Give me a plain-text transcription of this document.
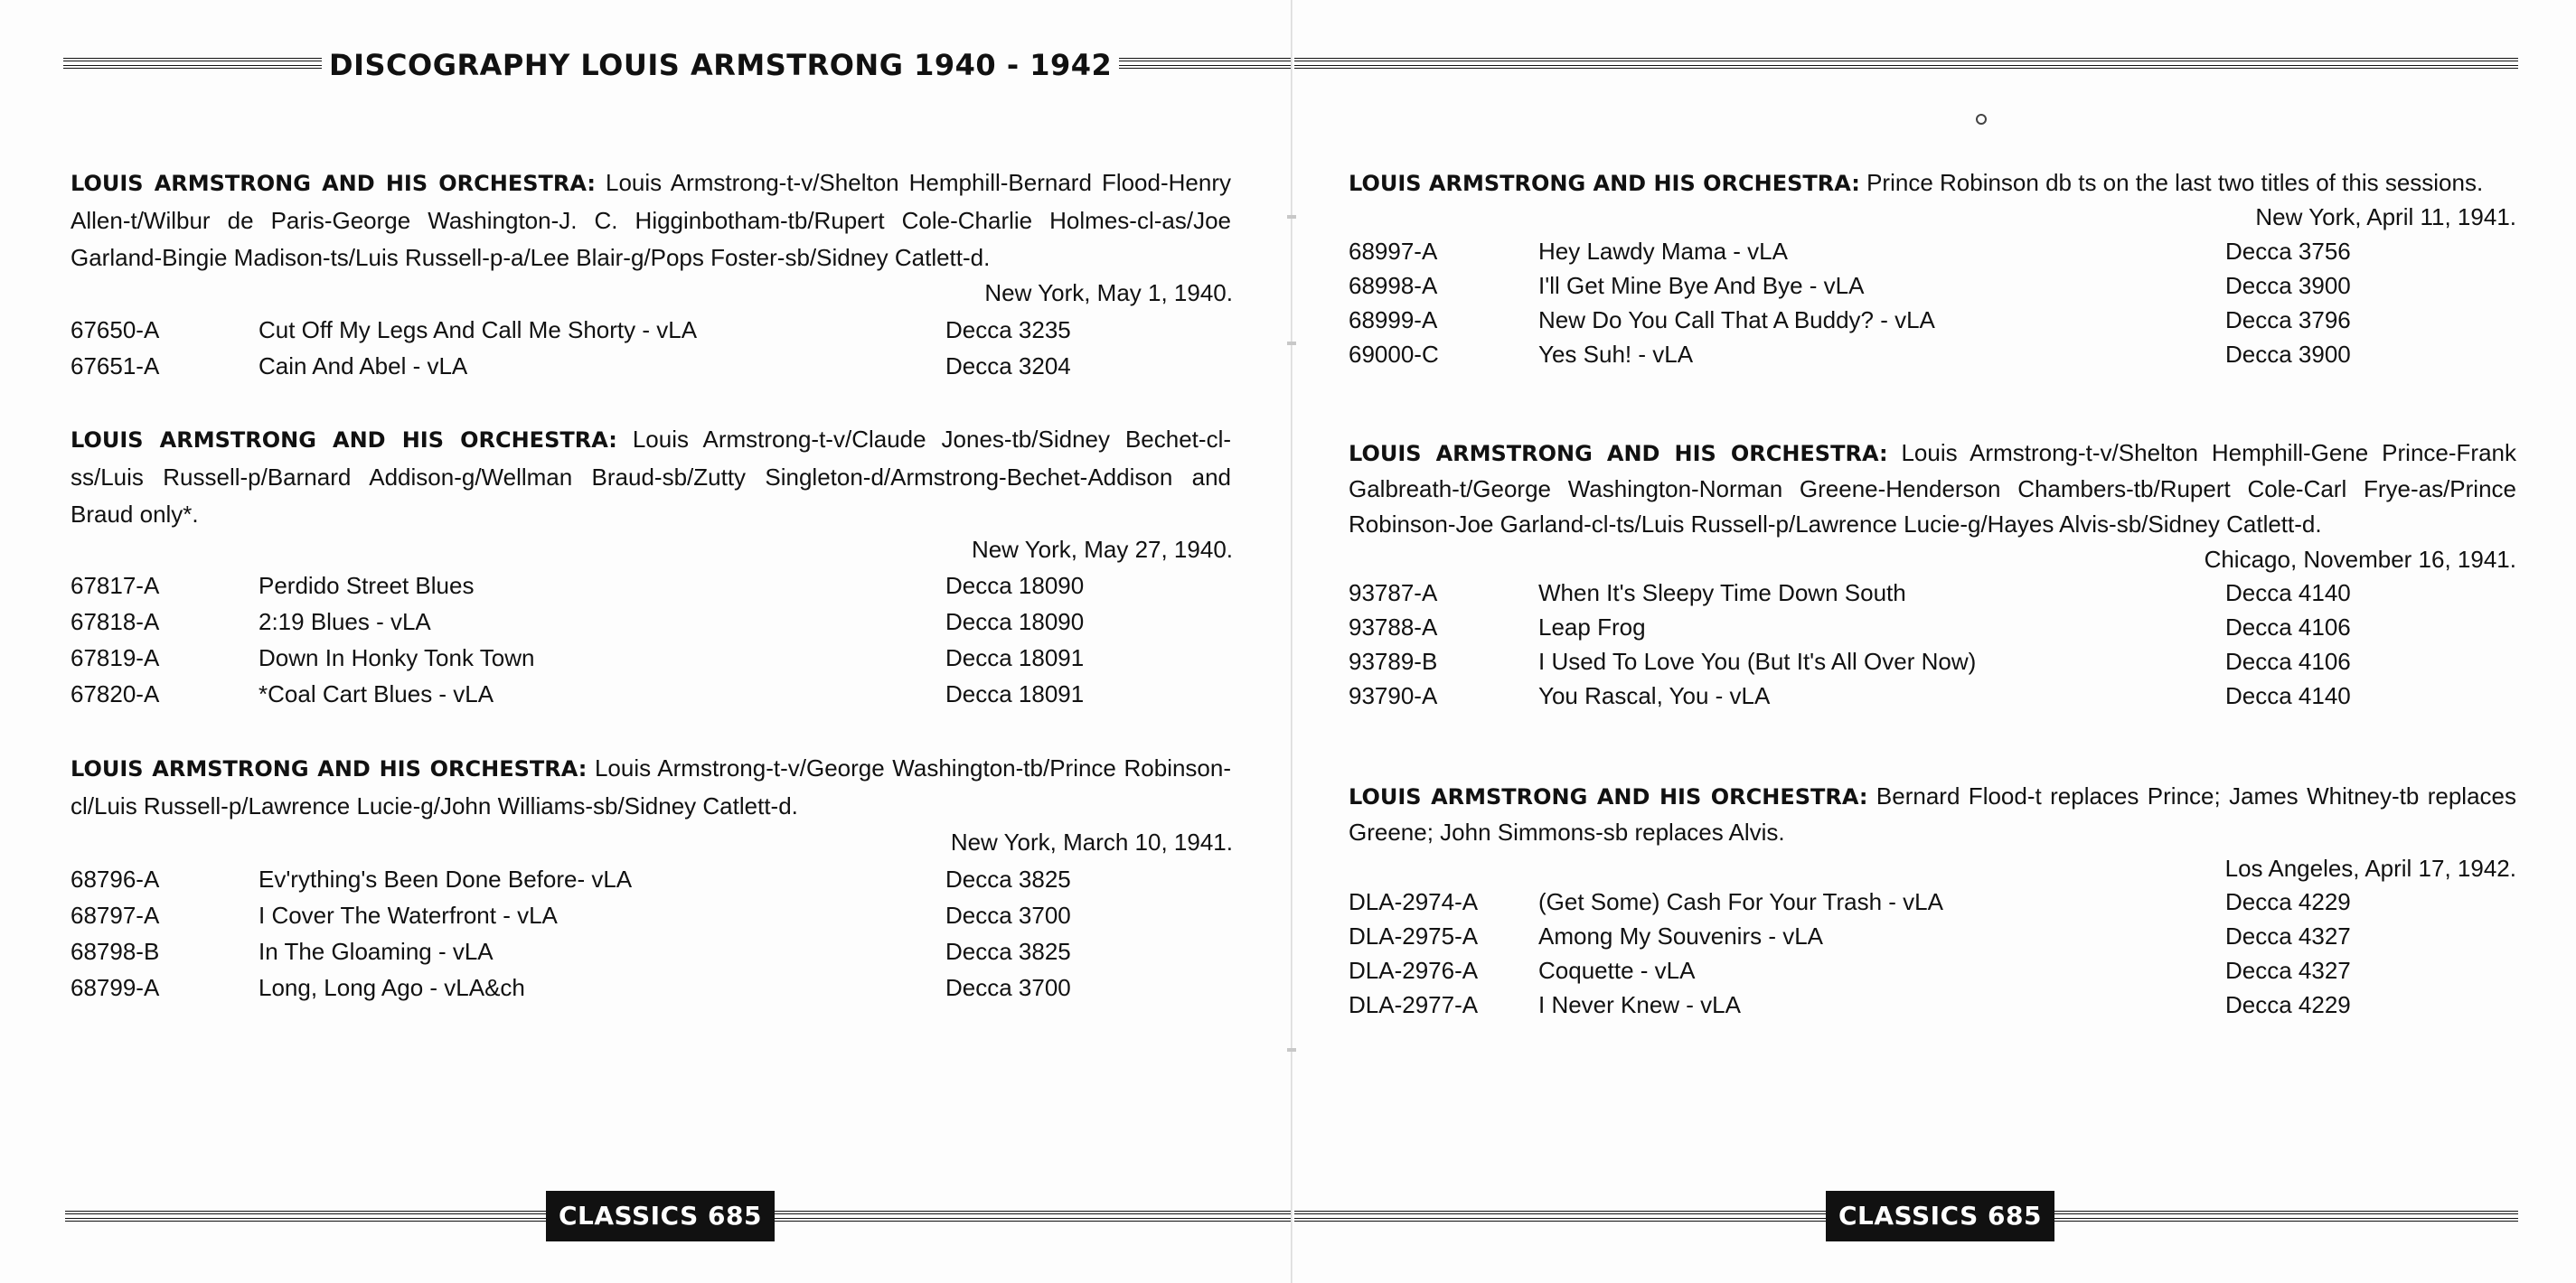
DISCOGRAPHY LOUIS ARMSTRONG 1940 - 1942
LOUIS ARMSTRONG AND HIS ORCHESTRA: Louis Armstrong-t-v/Shelton Hemphill-Bernard Flood-Henry Allen-t/Wilbur de Paris-George Washington-J. C. Higginbotham-tb/Rupert Cole-Charlie Holmes-cl-as/Joe Garland-Bingie Madison-ts/Luis Russell-p-a/Lee Blair-g/Pops Foster-sb/Sidney Catlett-d.
New York, May 1, 1940.
67650-A	Cut Off My Legs And Call Me Shorty - vLA	Decca 3235
67651-A	Cain And Abel - vLA	Decca 3204
LOUIS ARMSTRONG AND HIS ORCHESTRA: Louis Armstrong-t-v/Claude Jones-tb/Sidney Bechet-cl-ss/Luis Russell-p/Barnard Addison-g/Wellman Braud-sb/Zutty Singleton-d/Armstrong-Bechet-Addison and Braud only*.
New York, May 27, 1940.
67817-A	Perdido Street Blues	Decca 18090
67818-A	2:19 Blues - vLA	Decca 18090
67819-A	Down In Honky Tonk Town	Decca 18091
67820-A	*Coal Cart Blues - vLA	Decca 18091
LOUIS ARMSTRONG AND HIS ORCHESTRA: Louis Armstrong-t-v/George Washington-tb/Prince Robinson-cl/Luis Russell-p/Lawrence Lucie-g/John Williams-sb/Sidney Catlett-d.
New York, March 10, 1941.
68796-A	Ev'rything's Been Done Before- vLA	Decca 3825
68797-A	I Cover The Waterfront - vLA	Decca 3700
68798-B	In The Gloaming - vLA	Decca 3825
68799-A	Long, Long Ago - vLA&ch	Decca 3700
CLASSICS 685
LOUIS ARMSTRONG AND HIS ORCHESTRA: Prince Robinson db ts on the last two titles of this sessions.
New York, April 11, 1941.
68997-A	Hey Lawdy Mama - vLA	Decca 3756
68998-A	I'll Get Mine Bye And Bye - vLA	Decca 3900
68999-A	New Do You Call That A Buddy? - vLA	Decca 3796
69000-C	Yes Suh! - vLA	Decca 3900
LOUIS ARMSTRONG AND HIS ORCHESTRA: Louis Armstrong-t-v/Shelton Hemphill-Gene Prince-Frank Galbreath-t/George Washington-Norman Greene-Henderson Chambers-tb/Rupert Cole-Carl Frye-as/Prince Robinson-Joe Garland-cl-ts/Luis Russell-p/Lawrence Lucie-g/Hayes Alvis-sb/Sidney Catlett-d.
Chicago, November 16, 1941.
93787-A	When It's Sleepy Time Down South	Decca 4140
93788-A	Leap Frog	Decca 4106
93789-B	I Used To Love You (But It's All Over Now)	Decca 4106
93790-A	You Rascal, You - vLA	Decca 4140
LOUIS ARMSTRONG AND HIS ORCHESTRA: Bernard Flood-t replaces Prince; James Whitney-tb replaces Greene; John Simmons-sb replaces Alvis.
Los Angeles, April 17, 1942.
DLA-2974-A	(Get Some) Cash For Your Trash - vLA	Decca 4229
DLA-2975-A	Among My Souvenirs - vLA	Decca 4327
DLA-2976-A	Coquette - vLA	Decca 4327
DLA-2977-A	I Never Knew - vLA	Decca 4229
CLASSICS 685
